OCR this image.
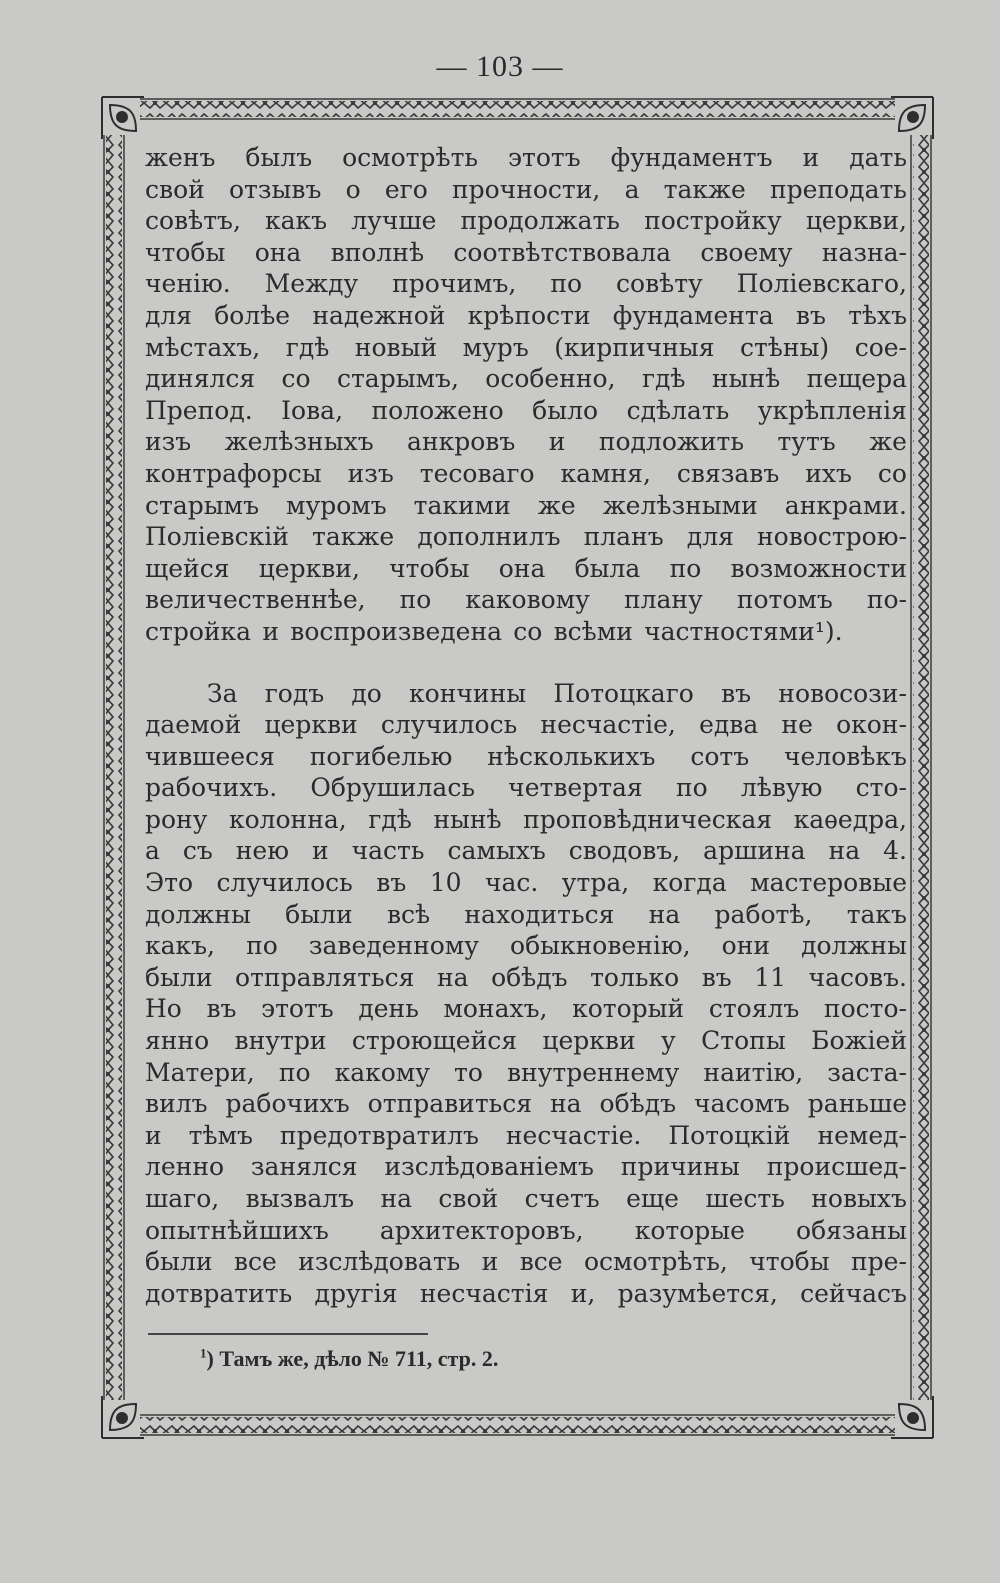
— 103 —
женъ былъ осмотрѣть этотъ фундаментъ и дать
свой отзывъ о его прочности, а также преподать
совѣтъ, какъ лучше продолжать постройку церкви,
чтобы она вполнѣ соотвѣтствовала своему назна-
ченію. Между прочимъ, по совѣту Поліевскаго,
для болѣе надежной крѣпости фундамента въ тѣхъ
мѣстахъ, гдѣ новый муръ (кирпичныя стѣны) сое-
динялся со старымъ, особенно, гдѣ нынѣ пещера
Препод. Іова, положено было сдѣлать укрѣпленія
изъ желѣзныхъ анкровъ и подложить тутъ же
контрафорсы изъ тесоваго камня, связавъ ихъ со
старымъ муромъ такими же желѣзными анкрами.
Поліевскій также дополнилъ планъ для новострою-
щейся церкви, чтобы она была по возможности
величественнѣе, по каковому плану потомъ по-
стройка и воспроизведена со всѣми частностями¹).
За годъ до кончины Потоцкаго въ новосози-
даемой церкви случилось несчастіе, едва не окон-
чившееся погибелью нѣсколькихъ сотъ человѣкъ
рабочихъ. Обрушилась четвертая по лѣвую сто-
рону колонна, гдѣ нынѣ проповѣдническая каѳедра,
а съ нею и часть самыхъ сводовъ, аршина на 4.
Это случилось въ 10 час. утра, когда мастеровые
должны были всѣ находиться на работѣ, такъ
какъ, по заведенному обыкновенію, они должны
были отправляться на обѣдъ только въ 11 часовъ.
Но въ этотъ день монахъ, который стоялъ посто-
янно внутри строющейся церкви у Стопы Божіей
Матери, по какому то внутреннему наитію, заста-
вилъ рабочихъ отправиться на обѣдъ часомъ раньше
и тѣмъ предотвратилъ несчастіе. Потоцкій немед-
ленно занялся изслѣдованіемъ причины происшед-
шаго, вызвалъ на свой счетъ еще шесть новыхъ
опытнѣйшихъ архитекторовъ, которые обязаны
были все изслѣдовать и все осмотрѣть, чтобы пре-
дотвратить другія несчастія и, разумѣется, сейчасъ
$^1$) Тамъ же, дѣло № 711, стр. 2.
